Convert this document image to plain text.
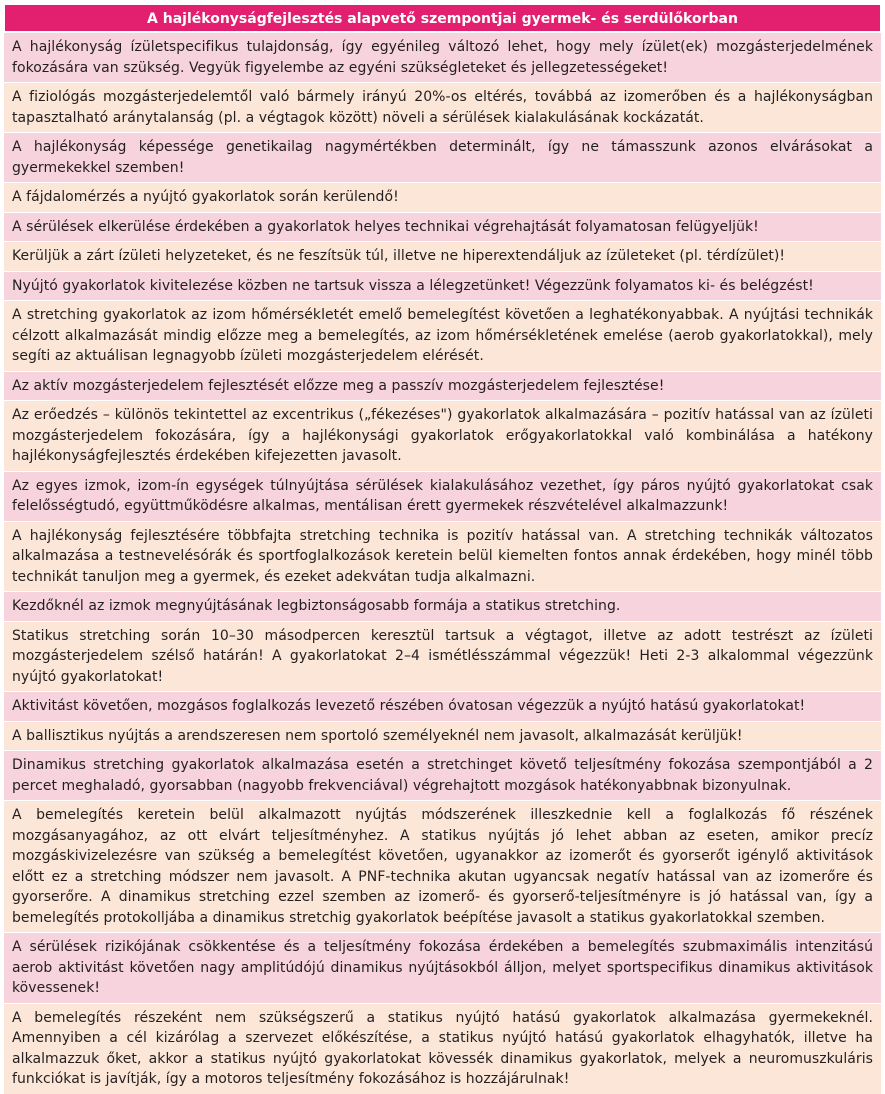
A hajlékonyságfejlesztés alapvető szempontjai gyermek- és serdülőkorban
A hajlékonyság ízületspecifikus tulajdonság, így egyénileg változó lehet, hogy mely ízület(ek) mozgásterjedelmének fokozására van szükség. Vegyük figyelembe az egyéni szükségleteket és jellegzetességeket!
A fiziológás mozgásterjedelemtől való bármely irányú 20%-os eltérés, továbbá az izomerőben és a hajlékonyságban tapasztalható aránytalanság (pl. a végtagok között) növeli a sérülések kialakulásának kockázatát.
A hajlékonyság képessége genetikailag nagymértékben determinált, így ne támasszunk azonos elvárásokat a gyermekekkel szemben!
A fájdalomérzés a nyújtó gyakorlatok során kerülendő!
A sérülések elkerülése érdekében a gyakorlatok helyes technikai végrehajtását folyamatosan felügyeljük!
Kerüljük a zárt ízületi helyzeteket, és ne feszítsük túl, illetve ne hiperextendáljuk az ízületeket (pl. térdízület)!
Nyújtó gyakorlatok kivitelezése közben ne tartsuk vissza a lélegzetünket! Végezzünk folyamatos ki- és belégzést!
A stretching gyakorlatok az izom hőmérsékletét emelő bemelegítést követően a leghatékonyabbak. A nyújtási technikák célzott alkalmazását mindig előzze meg a bemelegítés, az izom hőmérsékletének emelése (aerob gyakorlatokkal), mely segíti az aktuálisan legnagyobb ízületi mozgásterjedelem elérését.
Az aktív mozgásterjedelem fejlesztését előzze meg a passzív mozgásterjedelem fejlesztése!
Az erőedzés – különös tekintettel az excentrikus („fékezéses") gyakorlatok alkalmazására – pozitív hatással van az ízületi mozgásterjedelem fokozására, így a hajlékonysági gyakorlatok erőgyakorlatokkal való kombinálása a hatékony hajlékonyságfejlesztés érdekében kifejezetten javasolt.
Az egyes izmok, izom-ín egységek túlnyújtása sérülések kialakulásához vezethet, így páros nyújtó gyakorlatokat csak felelősségtudó, együttműködésre alkalmas, mentálisan érett gyermekek részvételével alkalmazzunk!
A hajlékonyság fejlesztésére többfajta stretching technika is pozitív hatással van. A stretching technikák változatos alkalmazása a testnevelésórák és sportfoglalkozások keretein belül kiemelten fontos annak érdekében, hogy minél több technikát tanuljon meg a gyermek, és ezeket adekvátan tudja alkalmazni.
Kezdőknél az izmok megnyújtásának legbiztonságosabb formája a statikus stretching.
Statikus stretching során 10–30 másodpercen keresztül tartsuk a végtagot, illetve az adott testrészt az ízületi mozgásterjedelem szélső határán! A gyakorlatokat 2–4 ismétlésszámmal végezzük! Heti 2-3 alkalommal végezzünk nyújtó gyakorlatokat!
Aktivitást követően, mozgásos foglalkozás levezető részében óvatosan végezzük a nyújtó hatású gyakorlatokat!
A ballisztikus nyújtás a arendszeresen nem sportoló személyeknél nem javasolt, alkalmazását kerüljük!
Dinamikus stretching gyakorlatok alkalmazása esetén a stretchinget követő teljesítmény fokozása szempontjából a 2 percet meghaladó, gyorsabban (nagyobb frekvenciával) végrehajtott mozgások hatékonyabbnak bizonyulnak.
A bemelegítés keretein belül alkalmazott nyújtás módszerének illeszkednie kell a foglalkozás fő részének mozgásanyagához, az ott elvárt teljesítményhez. A statikus nyújtás jó lehet abban az eseten, amikor precíz mozgáskivizelezésre van szükség a bemelegítést követően, ugyanakkor az izomerőt és gyorserőt igénylő aktivitások előtt ez a stretching módszer nem javasolt. A PNF-technika akutan ugyancsak negatív hatással van az izomerőre és gyorserőre. A dinamikus stretching ezzel szemben az izomerő- és gyorserő-teljesítményre is jó hatással van, így a bemelegítés protokolljába a dinamikus stretchig gyakorlatok beépítése javasolt a statikus gyakorlatokkal szemben.
A sérülések rizikójának csökkentése és a teljesítmény fokozása érdekében a bemelegítés szubmaximális intenzitású aerob aktivitást követően nagy amplitúdójú dinamikus nyújtásokból álljon, melyet sportspecifikus dinamikus aktivitások kövessenek!
A bemelegítés részeként nem szükségszerű a statikus nyújtó hatású gyakorlatok alkalmazása gyermekeknél. Amennyiben a cél kizárólag a szervezet előkészítése, a statikus nyújtó hatású gyakorlatok elhagyhatók, illetve ha alkalmazzuk őket, akkor a statikus nyújtó gyakorlatokat kövessék dinamikus gyakorlatok, melyek a neuromuszkuláris funkciókat is javítják, így a motoros teljesítmény fokozásához is hozzájárulnak!
